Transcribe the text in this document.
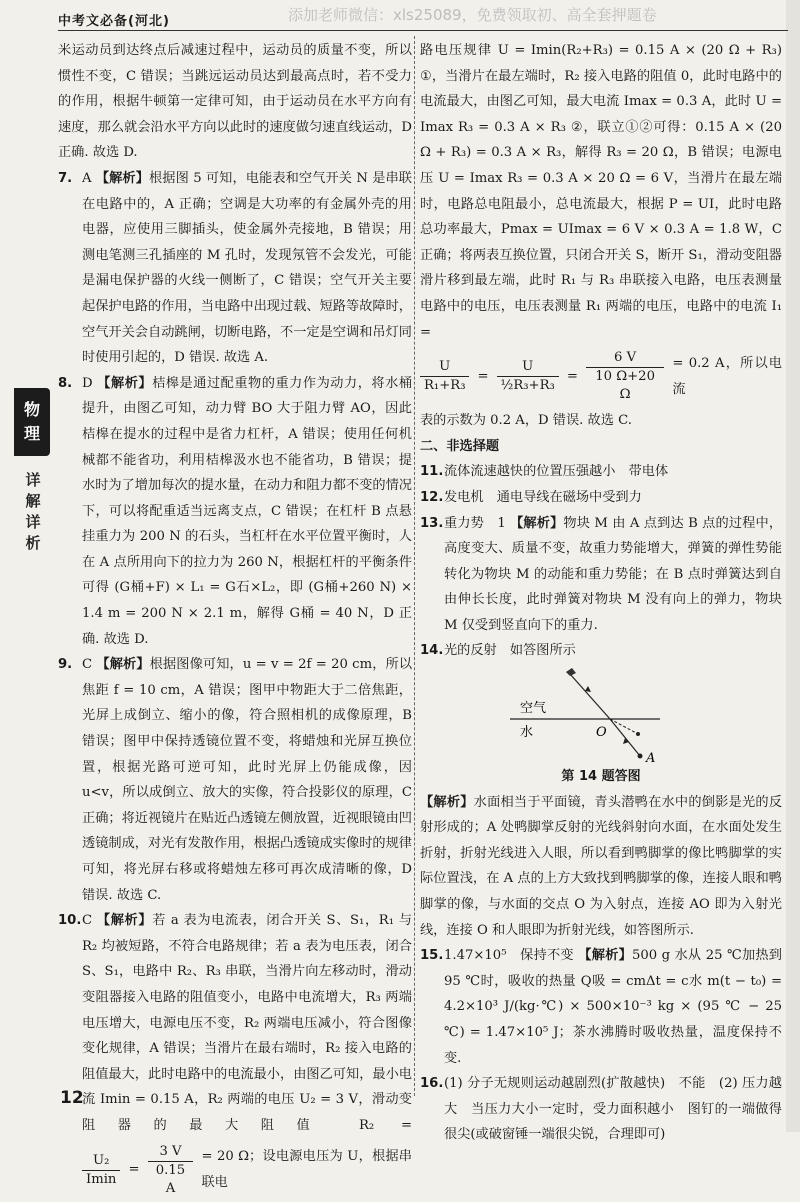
中考文必备(河北)	添加老师微信：xls25089，免费领取初、高全套押题卷
物理
详解详析

米运动员到达终点后减速过程中，运动员的质量不变，所以惯性不变，C 错误；当跳远运动员达到最高点时，若不受力的作用，根据牛顿第一定律可知，由于运动员在水平方向有速度，那么就会沿水平方向以此时的速度做匀速直线运动，D 正确. 故选 D.

7. A 【解析】根据图 5 可知，电能表和空气开关 N 是串联在电路中的，A 正确；空调是大功率的有金属外壳的用电器，应使用三脚插头，使金属外壳接地，B 错误；用测电笔测三孔插座的 M 孔时，发现氖管不会发光，可能是漏电保护器的火线一侧断了，C 错误；空气开关主要起保护电路的作用，当电路中出现过载、短路等故障时，空气开关会自动跳闸，切断电路，不一定是空调和吊灯同时使用引起的，D 错误. 故选 A.
8. D 【解析】桔槔是通过配重物的重力作为动力，将水桶提升，由图乙可知，动力臂 BO 大于阻力臂 AO，因此桔槔在提水的过程中是省力杠杆，A 错误；使用任何机械都不能省功，利用桔槔汲水也不能省功，B 错误；提水时为了增加每次的提水量，在动力和阻力都不变的情况下，可以将配重适当远离支点，C 错误；在杠杆 B 点悬挂重力为 200 N 的石头，当杠杆在水平位置平衡时，人在 A 点所用向下的拉力为 260 N，根据杠杆的平衡条件可得 (G桶+F) × L₁ = G石×L₂，即 (G桶+260 N) × 1.4 m = 200 N × 2.1 m，解得 G桶 = 40 N，D 正确. 故选 D.
9. C 【解析】根据图像可知，u = v = 2f = 20 cm，所以焦距 f = 10 cm，A 错误；图甲中物距大于二倍焦距，光屏上成倒立、缩小的像，符合照相机的成像原理，B 错误；图甲中保持透镜位置不变，将蜡烛和光屏互换位置，根据光路可逆可知，此时光屏上仍能成像，因 u<v，所以成倒立、放大的实像，符合投影仪的原理，C 正确；将近视镜片在贴近凸透镜左侧放置，近视眼镜由凹透镜制成，对光有发散作用，根据凸透镜成实像时的规律可知，将光屏右移或将蜡烛左移可再次成清晰的像，D 错误. 故选 C.
10. C 【解析】若 a 表为电流表，闭合开关 S、S₁，R₁ 与 R₂ 均被短路，不符合电路规律；若 a 表为电压表，闭合 S、S₁，电路中 R₂、R₃ 串联，当滑片向左移动时，滑动变阻器接入电路的阻值变小，电路中电流增大，R₃ 两端电压增大，电源电压不变，R₂ 两端电压减小，符合图像变化规律，A 错误；当滑片在最右端时，R₂ 接入电路的阻值最大，此时电路中的电流最小，由图乙可知，最小电流 Imin = 0.15 A，R₂ 两端的电压 U₂ = 3 V，滑动变阻器的最大阻值 R₂ =
U₂
Imin
= $\frac{3 V}{0.15 A} = 20$ Ω；设电源电压为 U，根据串联电

路电压规律 U = Imin(R₂+R₃) = 0.15 A × (20 Ω + R₃) ①，当滑片在最左端时，R₂ 接入电路的阻值 0，此时电路中的电流最大，由图乙可知，最大电流 Imax = 0.3 A，此时 U = Imax R₃ = 0.3 A × R₃ ②，联立①②可得：0.15 A × (20 Ω + R₃) = 0.3 A × R₃，解得 R₃ = 20 Ω，B 错误；电源电压 U = Imax R₃ = 0.3 A × 20 Ω = 6 V，当滑片在最左端时，电路总电阻最小，总电流最大，根据 P = UI，此时电路总功率最大，Pmax = UImax = 6 V × 0.3 A = 1.8 W，C 正确；将两表互换位置，只闭合开关 S，断开 S₁，滑动变阻器滑片移到最左端，此时 R₁ 与 R₃ 串联接入电路，电压表测量电路中的电压，电压表测量 R₁ 两端的电压，电路中的电流 I₁ =

$\frac{U}{\text{R₁+R₃}} = \frac{U}{\text{½R₃+R₃}} = \frac{6 V}{10 \Omega+20 \Omega} = 0.2$ A，所以电流

表的示数为 0.2 A，D 错误. 故选 C.

二、非选择题

11. 流体流速越快的位置压强越小　带电体
12. 发电机　通电导线在磁场中受到力
13. 重力势　1 【解析】物块 M 由 A 点到达 B 点的过程中，高度变大、质量不变，故重力势能增大，弹簧的弹性势能转化为物块 M 的动能和重力势能；在 B 点时弹簧达到自由伸长长度，此时弹簧对物块 M 没有向上的弹力，物块 M 仅受到竖直向下的重力.
14. 光的反射　如答图所示
空气
水	O
A

第 14 题答图

【解析】水面相当于平面镜，青头潜鸭在水中的倒影是光的反射形成的；A 处鸭脚掌反射的光线斜射向水面，在水面处发生折射，折射光线进入人眼，所以看到鸭脚掌的像比鸭脚掌的实际位置浅，在 A 点的上方大致找到鸭脚掌的像，连接人眼和鸭脚掌的像，与水面的交点 O 为入射点，连接 AO 即为入射光线，连接 O 和人眼即为折射光线，如答图所示.

15. 1.47×10⁵　保持不变 【解析】500 g 水从 25 ℃加热到 95 ℃时，吸收的热量 Q吸 = cmΔt = c水 m(t − t₀) = 4.2×10³ J/(kg·℃) × 500×10⁻³ kg × (95 ℃ − 25 ℃) = 1.47×10⁵ J；茶水沸腾时吸收热量，温度保持不变.
16. (1) 分子无规则运动越剧烈(扩散越快)　不能　(2) 压力越大　当压力大小一定时，受力面积越小　图钉的一端做得很尖(或破窗锤一端很尖锐，合理即可)
12
